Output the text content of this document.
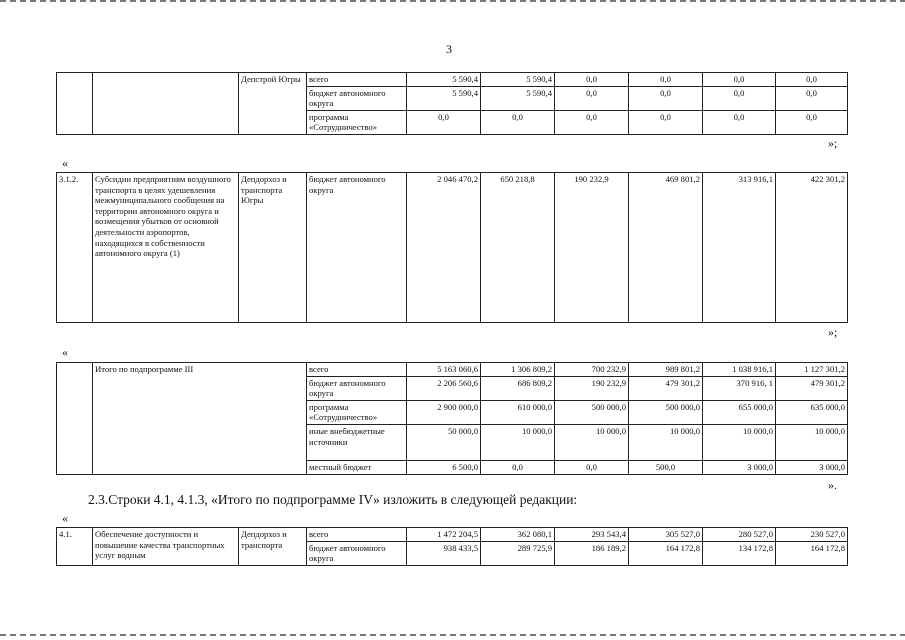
3
		Депстрой Югры	всего	5 590,4	5 590,4	0,0	0,0	0,0	0,0
			бюджет автономного округа	5 590,4	5 590,4	0,0	0,0	0,0	0,0
			программа «Сотрудничество»	0,0	0,0	0,0	0,0	0,0	0,0
»;
«
3.1.2.	Субсидии предприятиям воздушного транспорта в целях удешевления межмуниципального сообщения на территории автономного округа и возмещения убытков от основной деятельности аэропортов, находящихся в собственности автономного округа (1)	Депдорхоз и транспорта Югры	бюджет автономного округа	2 046 470,2	650 218,8	190 232,9	469 801,2	313 916,1	422 301,2
»;
«
	Итого по подпрограмме III	всего	5 163 060,6	1 306 809,2	700 232,9	989 801,2	1 038 916,1	1 127 301,2
		бюджет автономного округа	2 206 560,6	686 809,2	190 232,9	479 301,2	370 916, 1	479 301,2
		программа «Сотрудничество»	2 900 000,0	610 000,0	500 000,0	500 000,0	655 000,0	635 000,0
		иные внебюджетные источники	50 000,0	10 000,0	10 000,0	10 000,0	10 000,0	10 000,0
		местный бюджет	6 500,0	0,0	0,0	500,0	3 000,0	3 000,0
».
2.3.Строки 4.1, 4.1.3, «Итого по подпрограмме IV» изложить в следующей редакции:
«
4.1.	Обеспечение доступности и повышение качества транспортных услуг водным	Депдорхоз и транспорта	всего	1 472 204,5	362 080,1	293 543,4	305 527,0	280 527,0	230 527,0
			бюджет автономного округа	938 433,5	289 725,9	186 189,2	164 172,8	134 172,8	164 172,8
